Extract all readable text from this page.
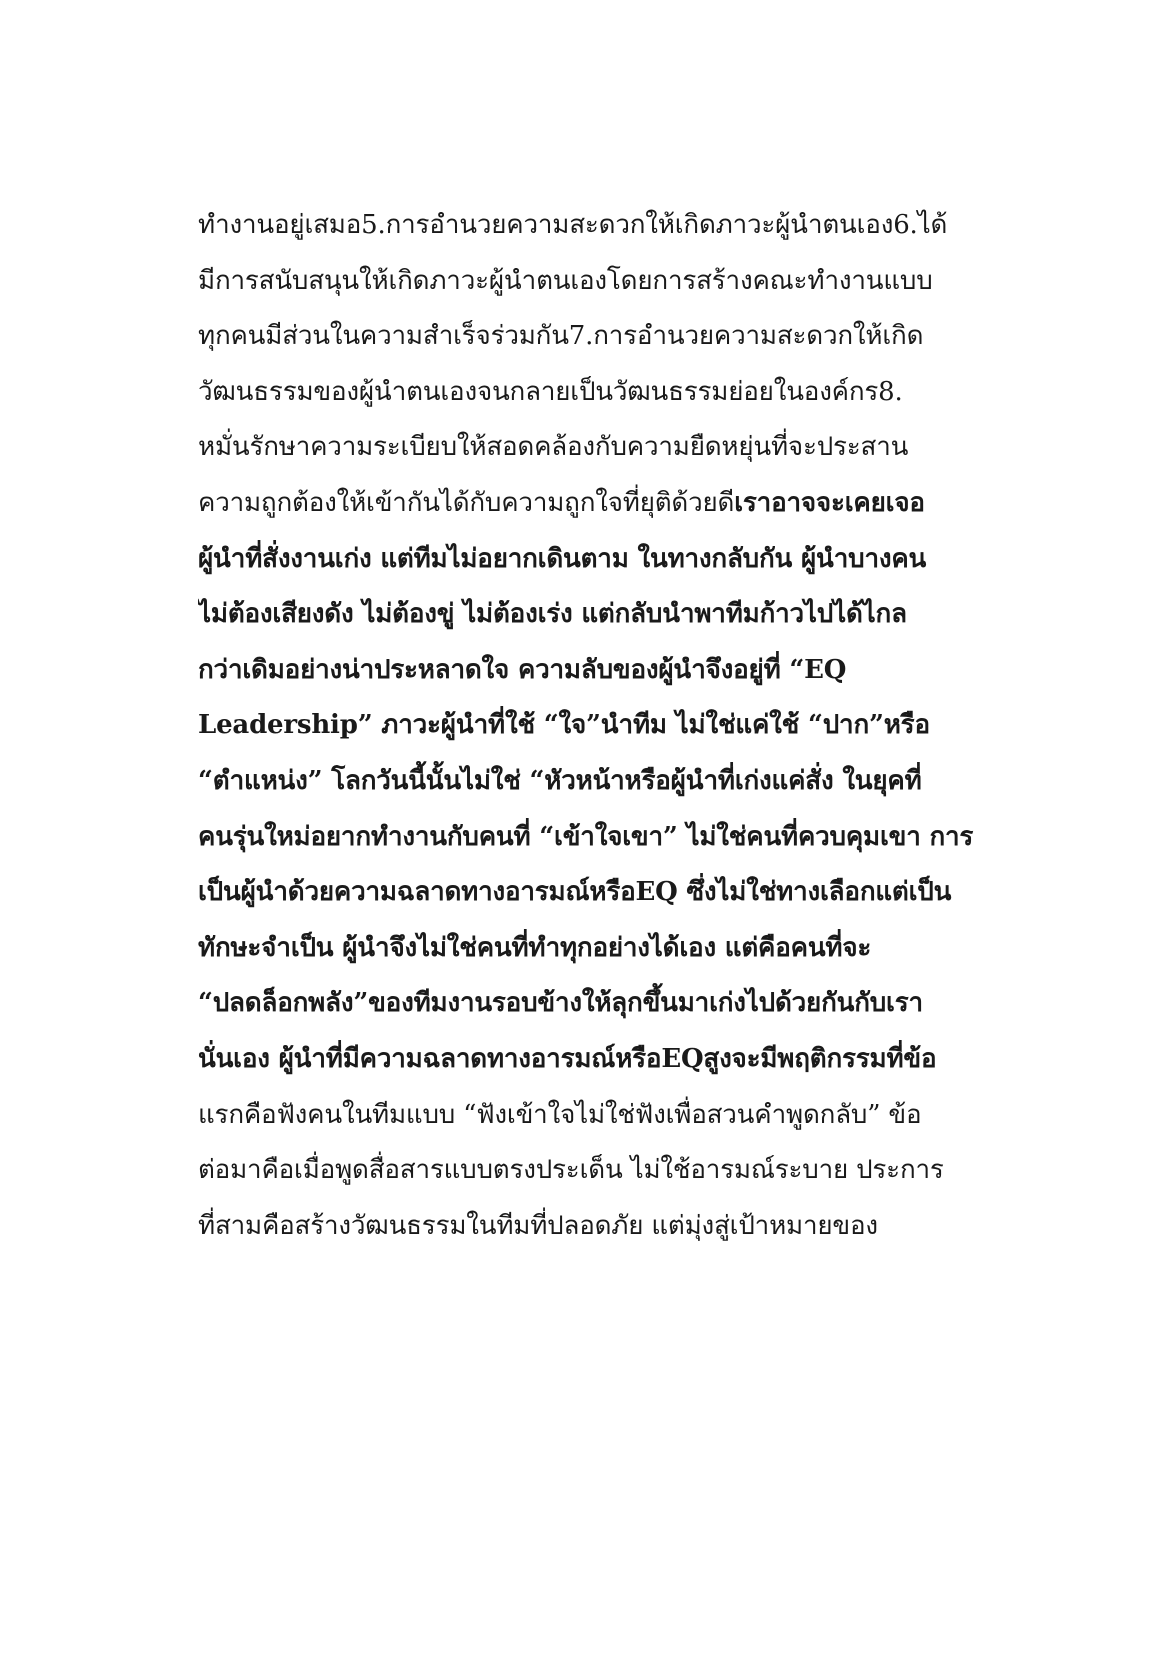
ทำงานอยู่เสมอ5.การอำนวยความสะดวกให้เกิดภาวะผู้นำตนเอง6.ได้
มีการสนับสนุนให้เกิดภาวะผู้นำตนเองโดยการสร้างคณะทำงานแบบ
ทุกคนมีส่วนในความสำเร็จร่วมกัน7.การอำนวยความสะดวกให้เกิด
วัฒนธรรมของผู้นำตนเองจนกลายเป็นวัฒนธรรมย่อยในองค์กร8.
หมั่นรักษาความระเบียบให้สอดคล้องกับความยืดหยุ่นที่จะประสาน
ความถูกต้องให้เข้ากันได้กับความถูกใจที่ยุติด้วยดีเราอาจจะเคยเจอ
ผู้นำที่สั่งงานเก่ง แต่ทีมไม่อยากเดินตาม ในทางกลับกัน ผู้นำบางคน
ไม่ต้องเสียงดัง ไม่ต้องขู่ ไม่ต้องเร่ง แต่กลับนำพาทีมก้าวไปได้ไกล
กว่าเดิมอย่างน่าประหลาดใจ ความลับของผู้นำจึงอยู่ที่ “EQ
Leadership” ภาวะผู้นำที่ใช้ “ใจ”นำทีม ไม่ใช่แค่ใช้ “ปาก”หรือ
“ตำแหน่ง” โลกวันนี้นั้นไม่ใช่ “หัวหน้าหรือผู้นำที่เก่งแค่สั่ง ในยุคที่
คนรุ่นใหม่อยากทำงานกับคนที่ “เข้าใจเขา” ไม่ใช่คนที่ควบคุมเขา การ
เป็นผู้นำด้วยความฉลาดทางอารมณ์หรือEQ ซึ่งไม่ใช่ทางเลือกแต่เป็น
ทักษะจำเป็น ผู้นำจึงไม่ใช่คนที่ทำทุกอย่างได้เอง แต่คือคนที่จะ
“ปลดล็อกพลัง”ของทีมงานรอบข้างให้ลุกขึ้นมาเก่งไปด้วยกันกับเรา
นั่นเอง ผู้นำที่มีความฉลาดทางอารมณ์หรือEQสูงจะมีพฤติกรรมที่ข้อ
แรกคือฟังคนในทีมแบบ “ฟังเข้าใจไม่ใช่ฟังเพื่อสวนคำพูดกลับ” ข้อ
ต่อมาคือเมื่อพูดสื่อสารแบบตรงประเด็น ไม่ใช้อารมณ์ระบาย ประการ
ที่สามคือสร้างวัฒนธรรมในทีมที่ปลอดภัย แต่มุ่งสู่เป้าหมายของ
